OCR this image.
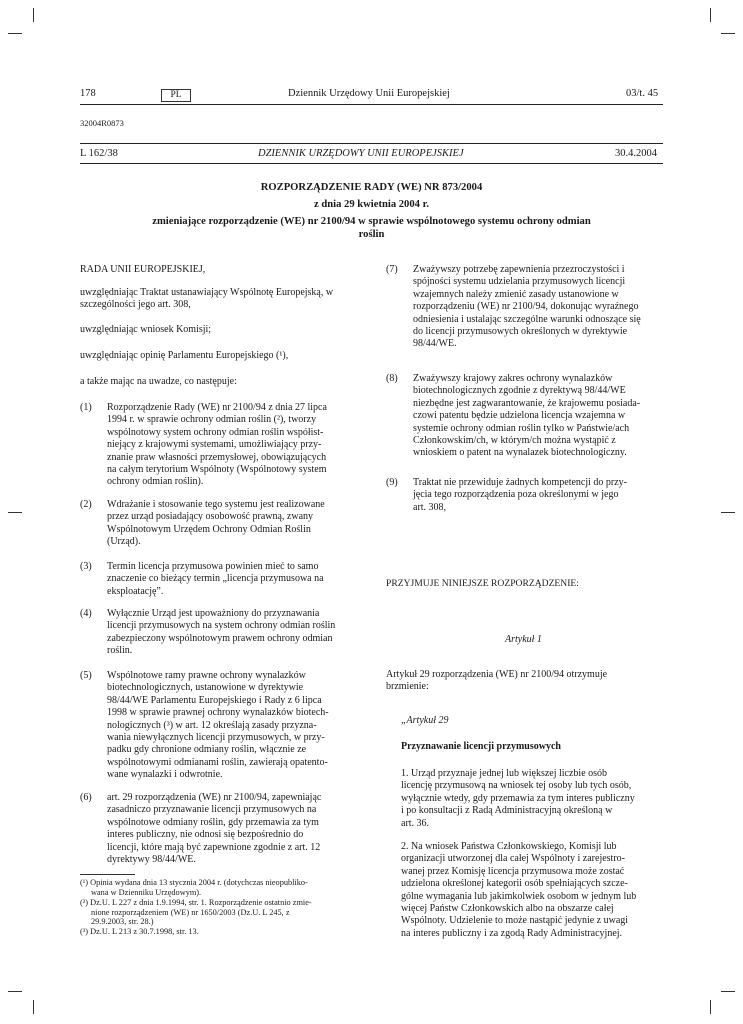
178	PL	Dziennik Urzędowy Unii Europejskiej	03/t. 45
32004R0873
L 162/38	DZIENNIK URZĘDOWY UNII EUROPEJSKIEJ	30.4.2004
ROZPORZĄDZENIE RADY (WE) NR 873/2004
z dnia 29 kwietnia 2004 r.
zmieniające rozporządzenie (WE) nr 2100/94 w sprawie wspólnotowego systemu ochrony odmian
roślin
RADA UNII EUROPEJSKIEJ,
uwzględniając Traktat ustanawiający Wspólnotę Europejską, w
szczególności jego art. 308,
uwzględniając wniosek Komisji;
uwzględniając opinię Parlamentu Europejskiego (¹),
a także mając na uwadze, co następuje:
(1) Rozporządzenie Rady (WE) nr 2100/94 z dnia 27 lipca
1994 r. w sprawie ochrony odmian roślin (²), tworzy
wspólnotowy system ochrony odmian roślin współist-
niejący z krajowymi systemami, umożliwiający przy-
znanie praw własności przemysłowej, obowiązujących
na całym terytorium Wspólnoty (Wspólnotowy system
ochrony odmian roślin).
(2) Wdrażanie i stosowanie tego systemu jest realizowane
przez urząd posiadający osobowość prawną, zwany
Wspólnotowym Urzędem Ochrony Odmian Roślin
(Urząd).
(3) Termin licencja przymusowa powinien mieć to samo
znaczenie co bieżący termin „licencja przymusowa na
eksploatację”.
(4) Wyłącznie Urząd jest upoważniony do przyznawania
licencji przymusowych na system ochrony odmian roślin
zabezpieczony wspólnotowym prawem ochrony odmian
roślin.
(5) Wspólnotowe ramy prawne ochrony wynalazków
biotechnologicznych, ustanowione w dyrektywie
98/44/WE Parlamentu Europejskiego i Rady z 6 lipca
1998 w sprawie prawnej ochrony wynalazków biotech-
nologicznych (³) w art. 12 określają zasady przyzna-
wania niewyłącznych licencji przymusowych, w przy-
padku gdy chronione odmiany roślin, włącznie ze
wspólnotowymi odmianami roślin, zawierają opatento-
wane wynalazki i odwrotnie.
(6) art. 29 rozporządzenia (WE) nr 2100/94, zapewniając
zasadniczo przyznawanie licencji przymusowych na
wspólnotowe odmiany roślin, gdy przemawia za tym
interes publiczny, nie odnosi się bezpośrednio do
licencji, które mają być zapewnione zgodnie z art. 12
dyrektywy 98/44/WE.
(¹) Opinia wydana dnia 13 stycznia 2004 r. (dotychczas nieopubliko-
wana w Dzienniku Urzędowym).
(²) Dz.U. L 227 z dnia 1.9.1994, str. 1. Rozporządzenie ostatnio zmie-
nione rozporządzeniem (WE) nr 1650/2003 (Dz.U. L 245, z
29.9.2003, str. 28.)
(³) Dz.U. L 213 z 30.7.1998, str. 13.
(7) Zważywszy potrzebę zapewnienia przezroczystości i
spójności systemu udzielania przymusowych licencji
wzajemnych należy zmienić zasady ustanowione w
rozporządzeniu (WE) nr 2100/94, dokonując wyraźnego
odniesienia i ustalając szczególne warunki odnoszące się
do licencji przymusowych określonych w dyrektywie
98/44/WE.
(8) Zważywszy krajowy zakres ochrony wynalazków
biotechnologicznych zgodnie z dyrektywą 98/44/WE
niezbędne jest zagwarantowanie, że krajowemu posiada-
czowi patentu będzie udzielona licencja wzajemna w
systemie ochrony odmian roślin tylko w Państwie/ach
Członkowskim/ch, w którym/ch można wystąpić z
wnioskiem o patent na wynalazek biotechnologiczny.
(9) Traktat nie przewiduje żadnych kompetencji do przy-
jęcia tego rozporządzenia poza określonymi w jego
art. 308,
PRZYJMUJE NINIEJSZE ROZPORZĄDZENIE:
Artykuł 1
Artykuł 29 rozporządzenia (WE) nr 2100/94 otrzymuje
brzmienie:
„Artykuł 29
Przyznawanie licencji przymusowych
1. Urząd przyznaje jednej lub większej liczbie osób
licencję przymusową na wniosek tej osoby lub tych osób,
wyłącznie wtedy, gdy przemawia za tym interes publiczny
i po konsultacji z Radą Administracyjną określoną w
art. 36.
2. Na wniosek Państwa Członkowskiego, Komisji lub
organizacji utworzonej dla całej Wspólnoty i zarejestro-
wanej przez Komisję licencja przymusowa może zostać
udzielona określonej kategorii osób spełniających szcze-
gólne wymagania lub jakimkolwiek osobom w jednym lub
więcej Państw Członkowskich albo na obszarze całej
Wspólnoty. Udzielenie to może nastąpić jedynie z uwagi
na interes publiczny i za zgodą Rady Administracyjnej.
